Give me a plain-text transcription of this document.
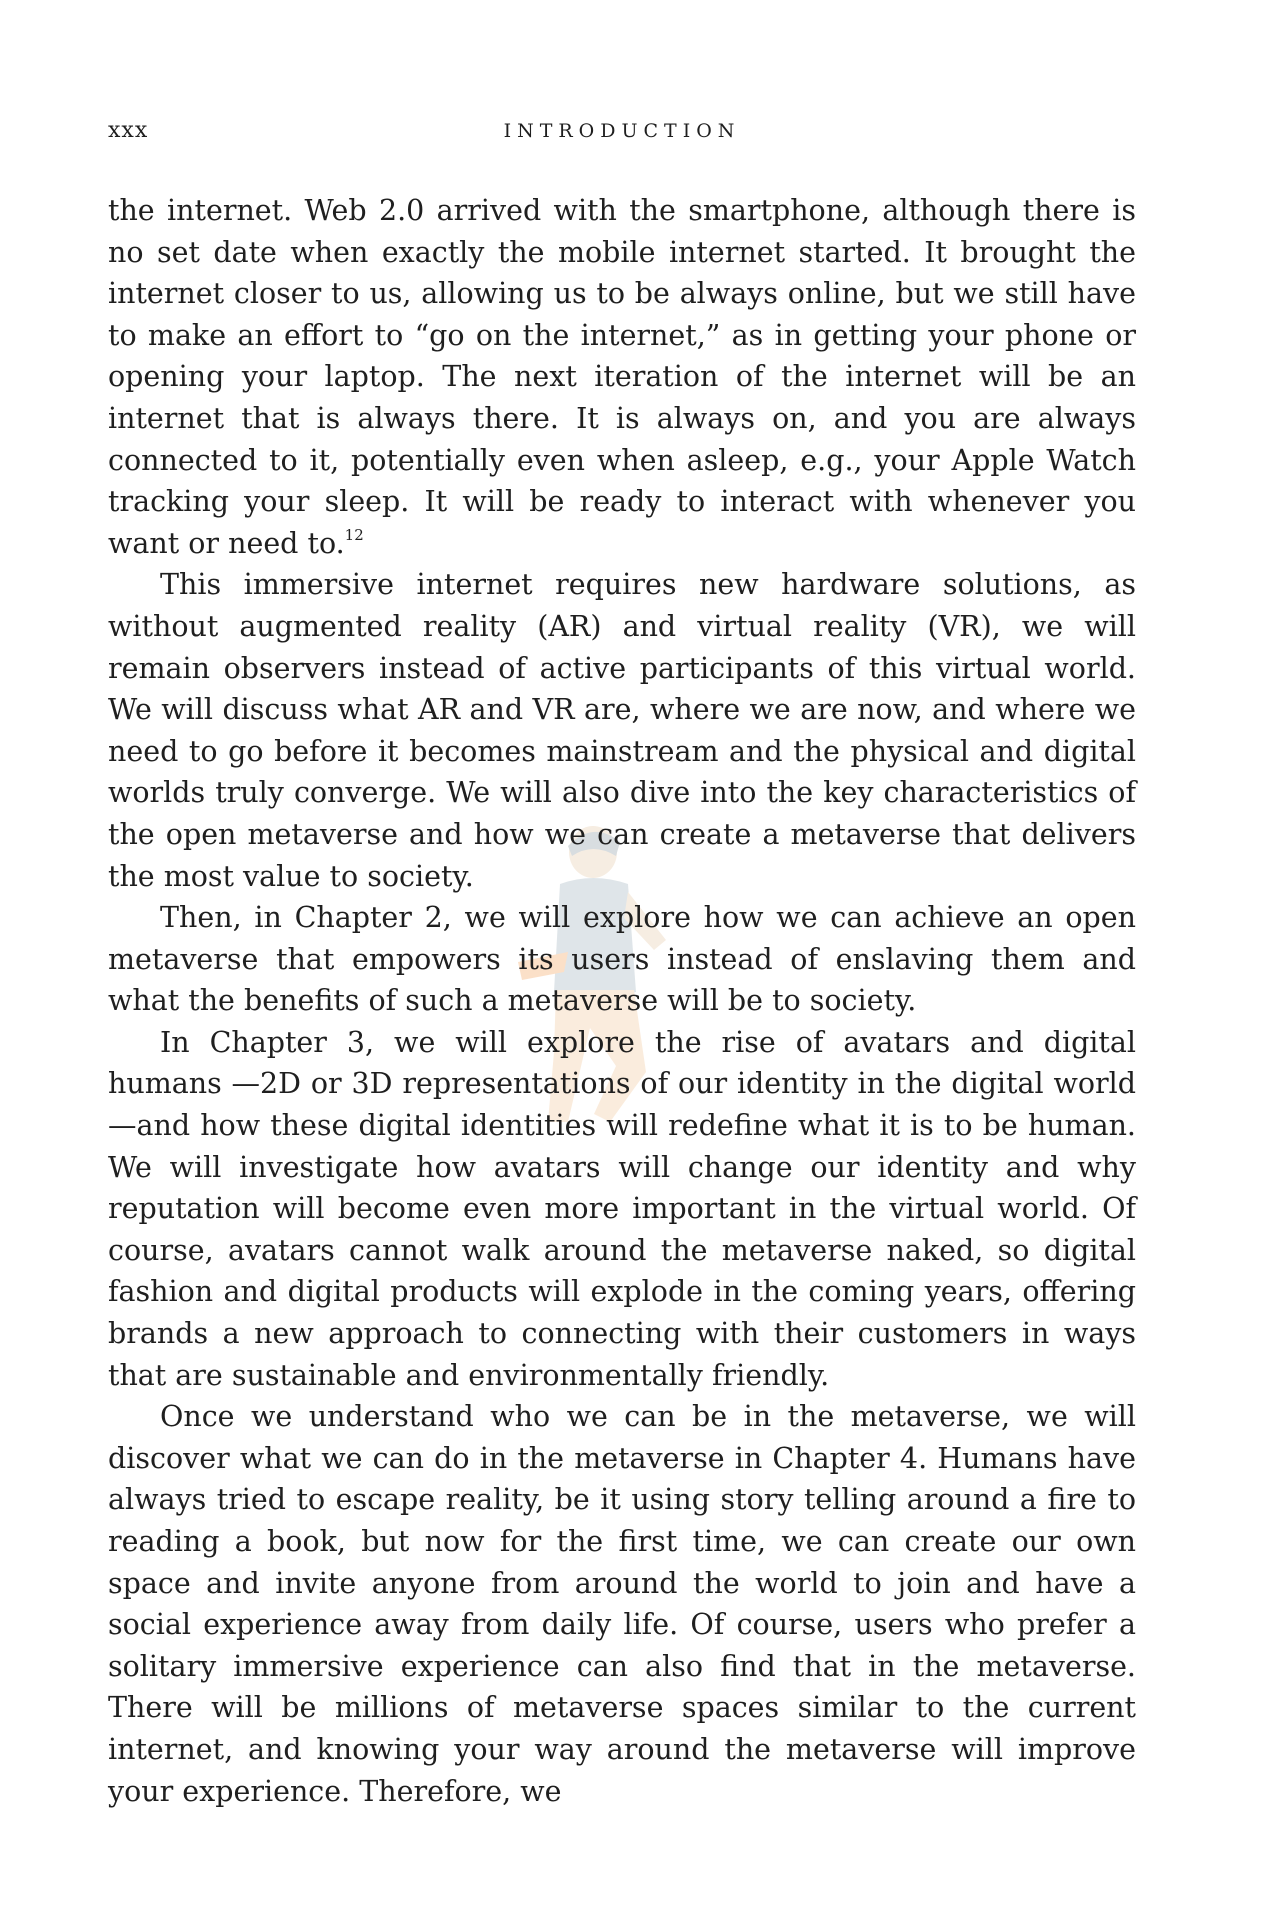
xxx	INTRODUCTION

the internet. Web 2.0 arrived with the smartphone, although there is no set date when exactly the mobile internet started. It brought the internet closer to us, allowing us to be always online, but we still have to make an effort to “go on the internet,” as in getting your phone or opening your laptop. The next iteration of the internet will be an internet that is always there. It is always on, and you are always connected to it, potentially even when asleep, e.g., your Apple Watch tracking your sleep. It will be ready to interact with whenever you want or need to.$^{12}$

This immersive internet requires new hardware solutions, as without augmented reality (AR) and virtual reality (VR), we will remain observers instead of active participants of this virtual world. We will discuss what AR and VR are, where we are now, and where we need to go before it becomes mainstream and the physical and digital worlds truly converge. We will also dive into the key characteristics of the open metaverse and how we can create a metaverse that delivers the most value to society.

Then, in Chapter 2, we will explore how we can achieve an open metaverse that empowers its users instead of enslaving them and what the benefits of such a metaverse will be to society.

In Chapter 3, we will explore the rise of avatars and digital humans —2D or 3D representations of our identity in the digital world—and how these digital identities will redefine what it is to be human. We will investigate how avatars will change our identity and why reputation will become even more important in the virtual world. Of course, avatars cannot walk around the metaverse naked, so digital fashion and digital products will explode in the coming years, offering brands a new approach to connecting with their customers in ways that are sustainable and environmentally friendly.

Once we understand who we can be in the metaverse, we will discover what we can do in the metaverse in Chapter 4. Humans have always tried to escape reality, be it using story telling around a fire to reading a book, but now for the first time, we can create our own space and invite anyone from around the world to join and have a social experience away from daily life. Of course, users who prefer a solitary immersive experience can also find that in the metaverse. There will be millions of metaverse spaces similar to the current internet, and knowing your way around the metaverse will improve your experience. Therefore, we
